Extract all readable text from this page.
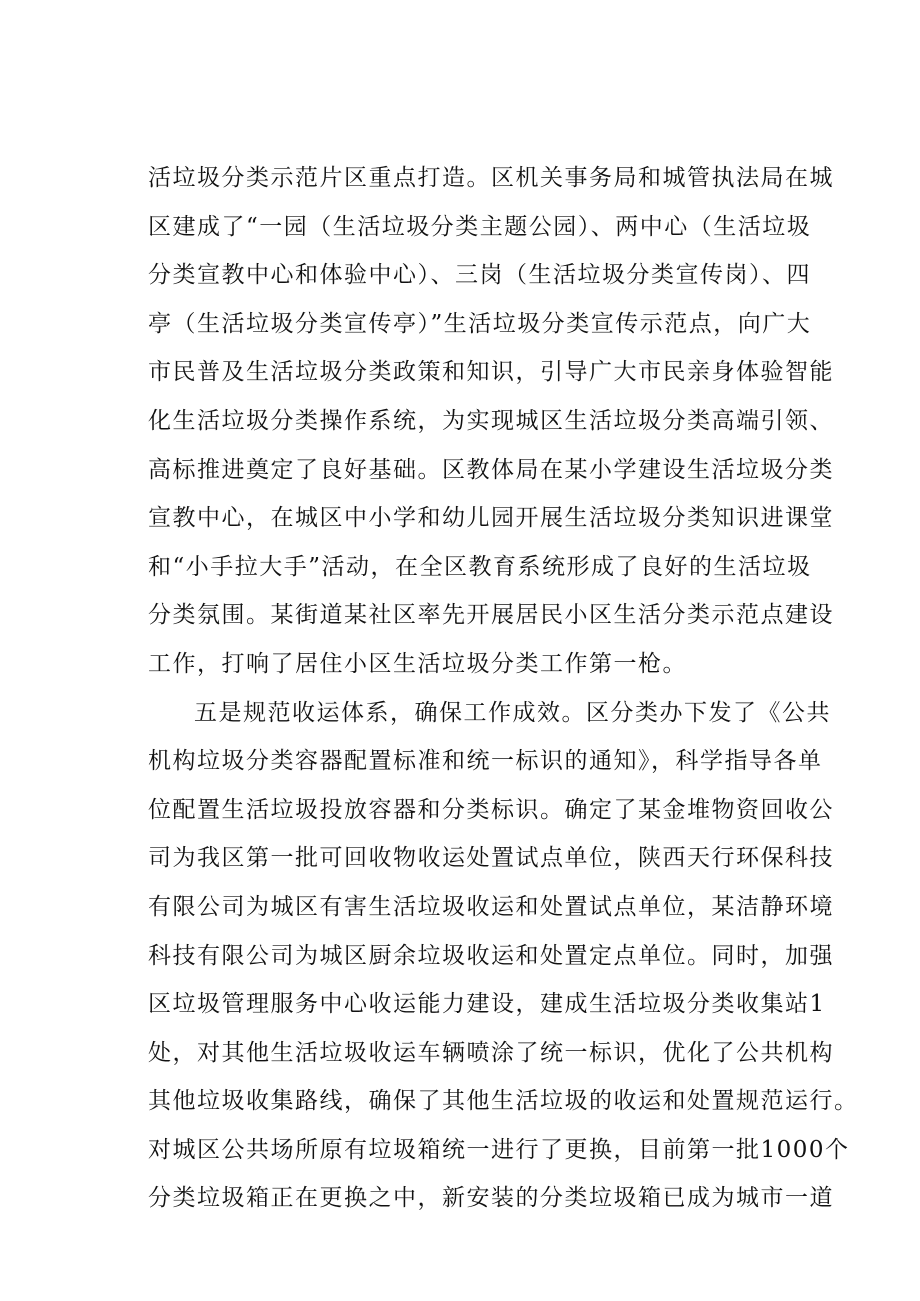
活垃圾分类示范片区重点打造。区机关事务局和城管执法局在城
区建成了“一园（生活垃圾分类主题公园）、两中心（生活垃圾
分类宣教中心和体验中心）、三岗（生活垃圾分类宣传岗）、四
亭（生活垃圾分类宣传亭）”生活垃圾分类宣传示范点，向广大
市民普及生活垃圾分类政策和知识，引导广大市民亲身体验智能
化生活垃圾分类操作系统，为实现城区生活垃圾分类高端引领、
高标推进奠定了良好基础。区教体局在某小学建设生活垃圾分类
宣教中心，在城区中小学和幼儿园开展生活垃圾分类知识进课堂
和“小手拉大手”活动，在全区教育系统形成了良好的生活垃圾
分类氛围。某街道某社区率先开展居民小区生活分类示范点建设
工作，打响了居住小区生活垃圾分类工作第一枪。
五是规范收运体系，确保工作成效。区分类办下发了《公共
机构垃圾分类容器配置标准和统一标识的通知》，科学指导各单
位配置生活垃圾投放容器和分类标识。确定了某金堆物资回收公
司为我区第一批可回收物收运处置试点单位，陕西天行环保科技
有限公司为城区有害生活垃圾收运和处置试点单位，某洁静环境
科技有限公司为城区厨余垃圾收运和处置定点单位。同时，加强
区垃圾管理服务中心收运能力建设，建成生活垃圾分类收集站1
处，对其他生活垃圾收运车辆喷涂了统一标识，优化了公共机构
其他垃圾收集路线，确保了其他生活垃圾的收运和处置规范运行。
对城区公共场所原有垃圾箱统一进行了更换，目前第一批1000个
分类垃圾箱正在更换之中，新安装的分类垃圾箱已成为城市一道
